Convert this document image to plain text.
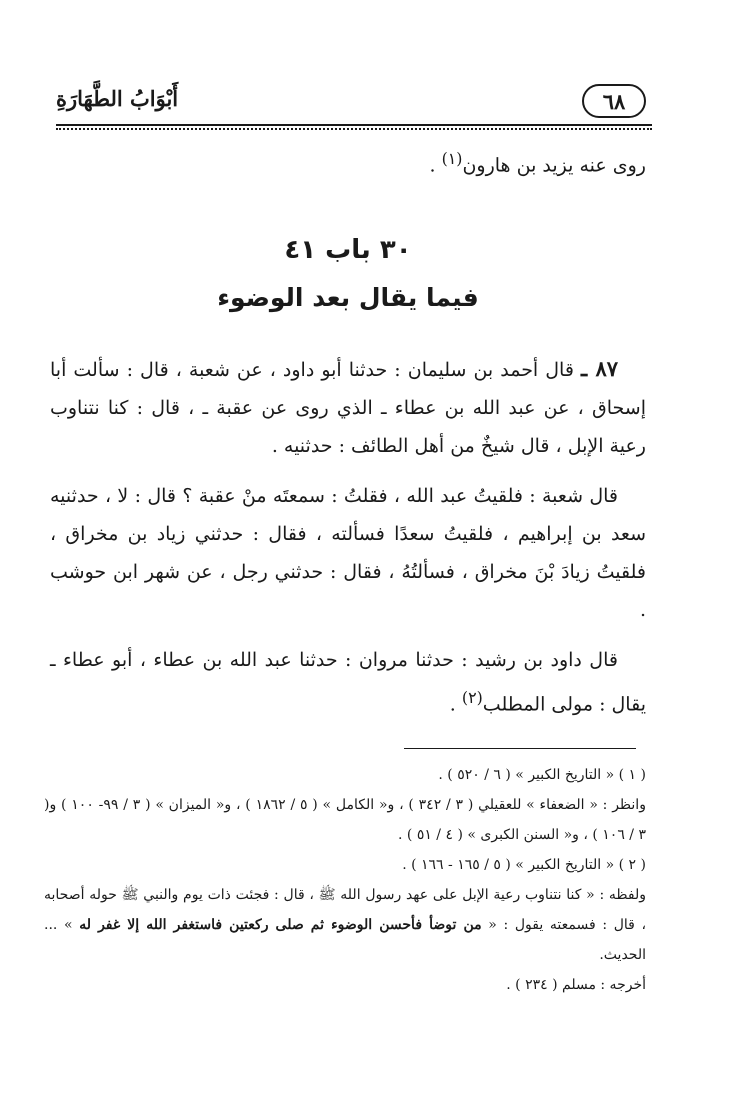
٦٨
أَبْوَابُ الطَّهَارَةِ

روى عنه يزيد بن هارون$^{(١)}$ .

٣٠ باب ٤١
فيما يقال بعد الوضوء

٨٧ ـ قال أحمد بن سليمان : حدثنا أبو داود ، عن شعبة ، قال : سألت أبا إسحاق ، عن عبد الله بن عطاء ـ الذي روى عن عقبة ـ ، قال : كنا نتناوب رعية الإبل ، قال شيخٌ من أهل الطائف : حدثنيه .

قال شعبة : فلقيتُ عبد الله ، فقلتُ : سمعتَه منْ عقبة ؟ قال : لا ، حدثنيه سعد بن إبراهيم ، فلقيتُ سعدًا فسألته ، فقال : حدثني زياد بن مخراق ، فلقيتُ زيادَ بْنَ مخراق ، فسألتُهُ ، فقال : حدثني رجل ، عن شهر ابن حوشب .

قال داود بن رشيد : حدثنا مروان : حدثنا عبد الله بن عطاء ، أبو عطاء ـ يقال : مولى المطلب$^{(٢)}$ .

( ١ ) « التاريخ الكبير » ( ٦ / ٥٢٠ ) .

وانظر : « الضعفاء » للعقيلي ( ٣ / ٣٤٢ ) ، و« الكامل » ( ٥ / ١٨٦٢ ) ، و« الميزان » ( ٣ / ٩٩- ١٠٠ ) و( ٣ / ١٠٦ ) ، و« السنن الكبرى » ( ٤ / ٥١ ) .

( ٢ ) « التاريخ الكبير » ( ٥ / ١٦٥ - ١٦٦ ) .

ولفظه : « كنا نتناوب رعية الإبل على عهد رسول الله ﷺ ، قال : فجئت ذات يوم والنبي ﷺ حوله أصحابه ، قال : فسمعته يقول : « من توضأ فأحسن الوضوء ثم صلى ركعتين فاستغفر الله إلا غفر له » ... الحديث.

أخرجه : مسلم ( ٢٣٤ ) .
